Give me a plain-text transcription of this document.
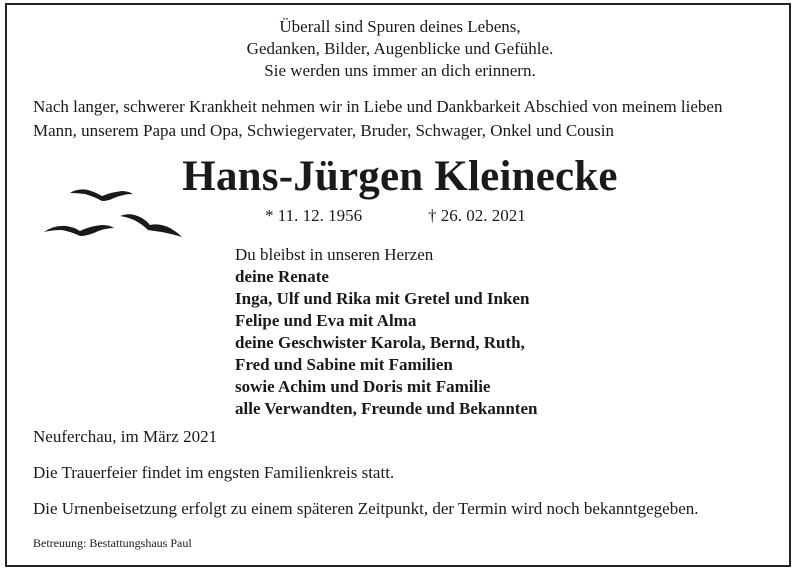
Überall sind Spuren deines Lebens,
Gedanken, Bilder, Augenblicke und Gefühle.
Sie werden uns immer an dich erinnern.
Nach langer, schwerer Krankheit nehmen wir in Liebe und Dankbarkeit Abschied von meinem lieben
Mann, unserem Papa und Opa, Schwiegervater, Bruder, Schwager, Onkel und Cousin
Hans-Jürgen Kleinecke
* 11. 12. 1956	† 26. 02. 2021
Du bleibst in unseren Herzen
deine Renate
Inga, Ulf und Rika mit Gretel und Inken
Felipe und Eva mit Alma
deine Geschwister Karola, Bernd, Ruth,
Fred und Sabine mit Familien
sowie Achim und Doris mit Familie
alle Verwandten, Freunde und Bekannten
Neuferchau, im März 2021
Die Trauerfeier findet im engsten Familienkreis statt.
Die Urnenbeisetzung erfolgt zu einem späteren Zeitpunkt, der Termin wird noch bekanntgegeben.
Betreuung: Bestattungshaus Paul
